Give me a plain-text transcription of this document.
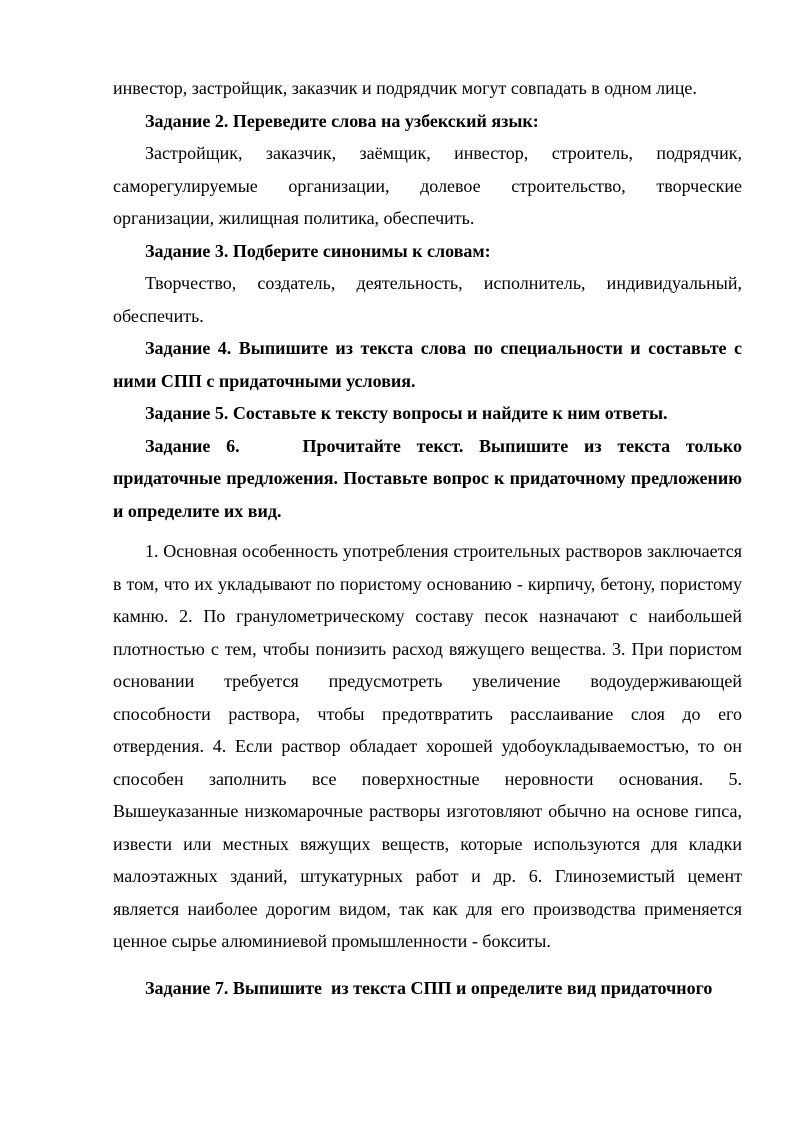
инвестор, застройщик, заказчик и подрядчик могут совпадать в одном лице.

Задание 2. Переведите слова на узбекский язык:

Застройщик, заказчик, заёмщик, инвестор, строитель, подрядчик, саморегулируемые организации, долевое строительство, творческие организации, жилищная политика, обеспечить.

Задание 3. Подберите синонимы к словам:

Творчество, создатель, деятельность, исполнитель, индивидуальный, обеспечить.

Задание 4. Выпишите из текста слова по специальности и составьте с ними СПП с придаточными условия.

Задание 5. Составьте к тексту вопросы и найдите к ним ответы.

Задание 6.    Прочитайте текст. Выпишите из текста только придаточные предложения. Поставьте вопрос к придаточному предложению и определите их вид.

1. Основная особенность употребления строительных растворов заключается в том, что их укладывают по пористому основанию - кирпичу, бетону, пористому камню. 2. По гранулометрическому составу песок назначают с наибольшей плотностью с тем, чтобы понизить расход вяжущего вещества. 3. При пористом основании требуется предусмотреть увеличение водоудерживающей способности раствора, чтобы предотвратить расслаивание слоя до его отвердения. 4. Если раствор обладает хорошей удобоукладываемостъю, то он способен заполнить все поверхностные неровности основания. 5. Вышеуказанные низкомарочные растворы изготовляют обычно на основе гипса, извести или местных вяжущих веществ, которые используются для кладки малоэтажных зданий, штукатурных работ и др. 6. Глиноземистый цемент является наиболее дорогим видом, так как для его производства применяется ценное сырье алюминиевой промышленности - бокситы.

Задание 7. Выпишите  из текста СПП и определите вид придаточного
